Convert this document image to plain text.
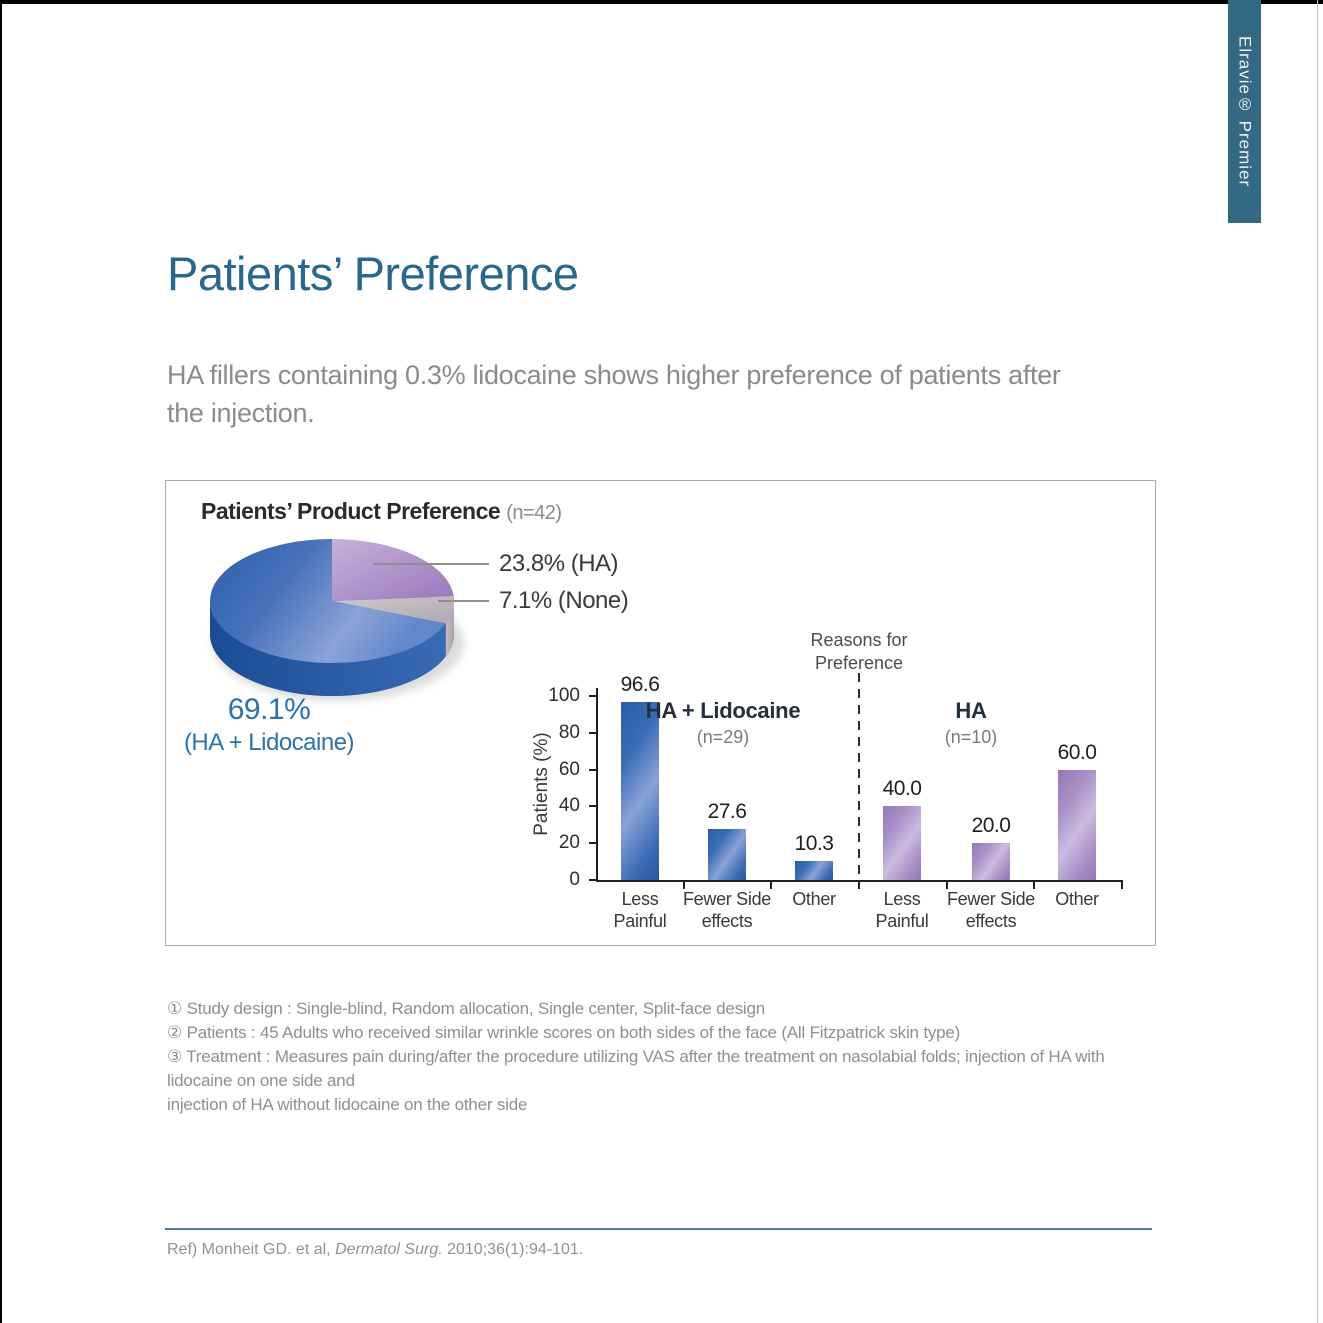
Elravie® Premier
Patients’ Preference
HA fillers containing 0.3% lidocaine shows higher preference of patients after
the injection.
Patients’ Product Preference (n=42)
23.8% (HA)
7.1% (None)
69.1%
(HA + Lidocaine)	Patients (%)
0
20
40
60
80
100	96.6
Less
Painful
27.6
Fewer Side
effects
10.3
Other
40.0
Less
Painful
20.0
Fewer Side
effects
60.0
Other
Reasons for Preference
HA + Lidocaine
(n=29)
HA
(n=10)
① Study design : Single-blind, Random allocation, Single center, Split-face design
② Patients : 45 Adults who received similar wrinkle scores on both sides of the face (All Fitzpatrick skin type)
③ Treatment : Measures pain during/after the procedure utilizing VAS after the treatment on nasolabial folds; injection of HA with lidocaine on one side and
injection of HA without lidocaine on the other side
Ref) Monheit GD. et al, Dermatol Surg. 2010;36(1):94-101.
